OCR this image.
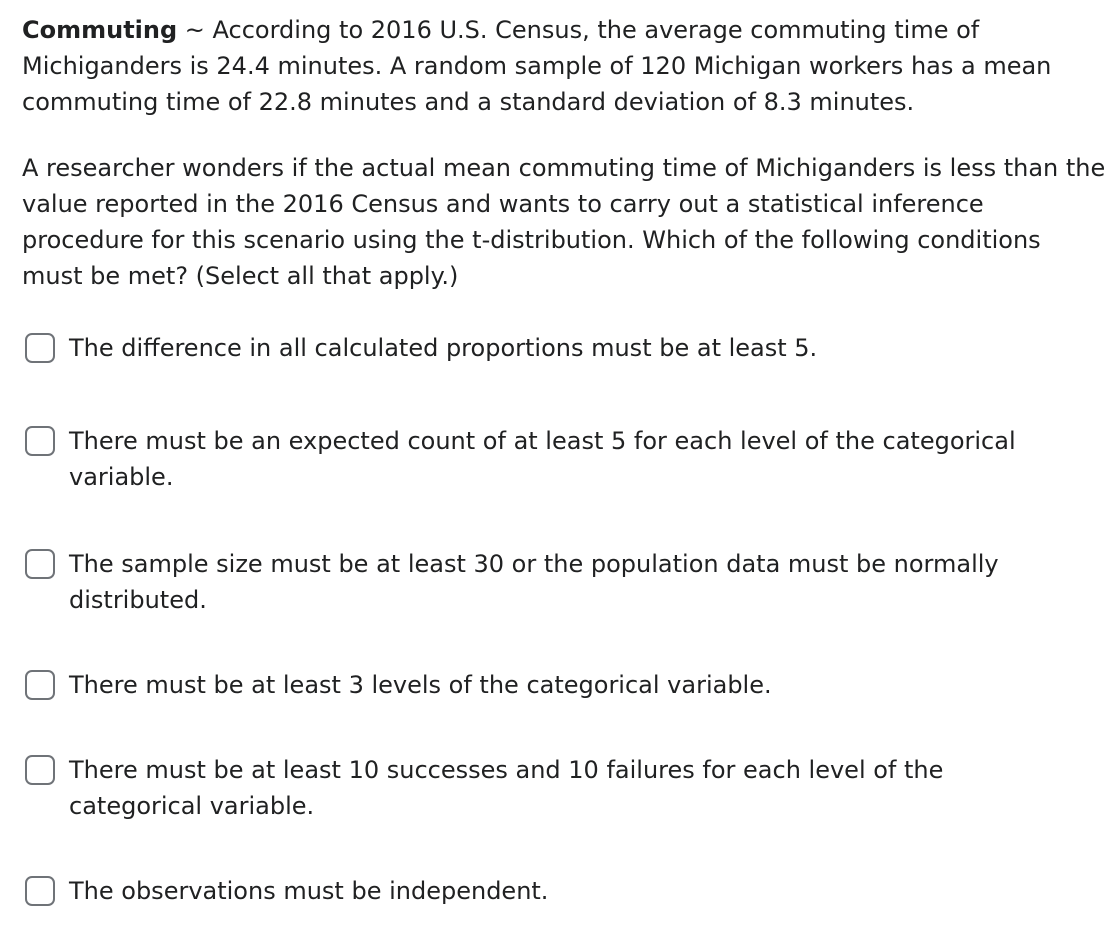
Commuting ~ According to 2016 U.S. Census, the average commuting time of Michiganders is 24.4 minutes. A random sample of 120 Michigan workers has a mean commuting time of 22.8 minutes and a standard deviation of 8.3 minutes.

A researcher wonders if the actual mean commuting time of Michiganders is less than the value reported in the 2016 Census and wants to carry out a statistical inference procedure for this scenario using the t-distribution. Which of the following conditions must be met? (Select all that apply.)

The difference in all calculated proportions must be at least 5.
There must be an expected count of at least 5 for each level of the categorical variable.
The sample size must be at least 30 or the population data must be normally distributed.
There must be at least 3 levels of the categorical variable.
There must be at least 10 successes and 10 failures for each level of the categorical variable.
The observations must be independent.
